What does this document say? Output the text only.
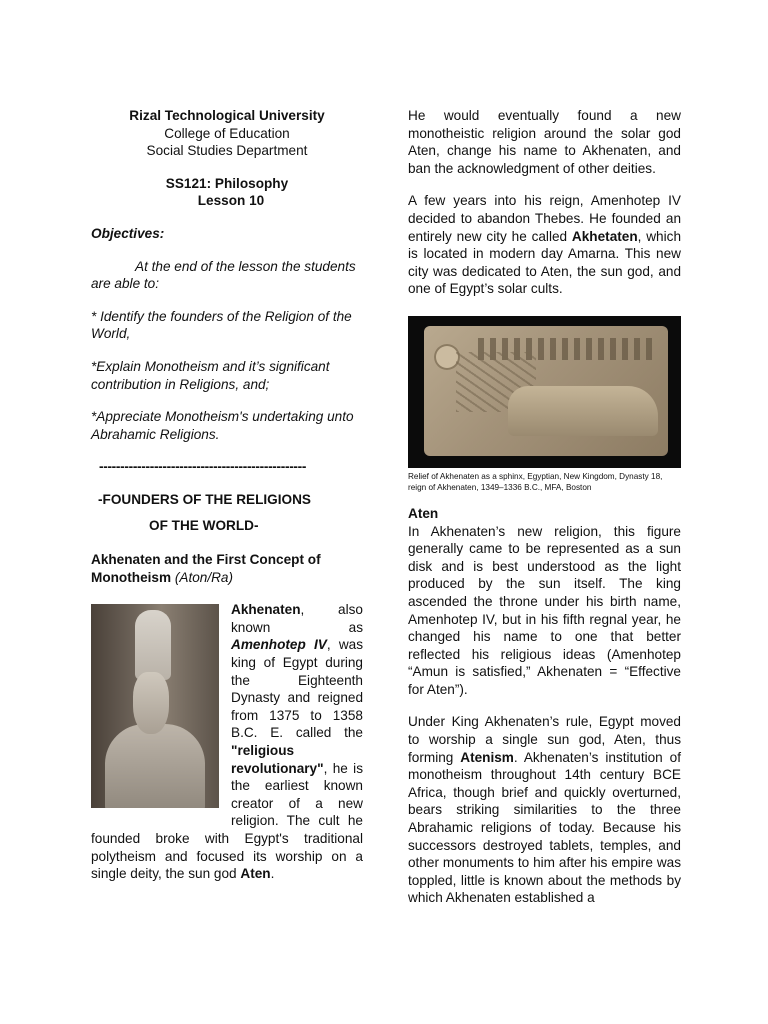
Rizal Technological University

College of Education

Social Studies Department

SS121: Philosophy

Lesson 10

Objectives:

At the end of the lesson the students are able to:

* Identify the founders of the Religion of the World,

*Explain Monotheism and it’s significant contribution in Religions, and;

*Appreciate Monotheism's undertaking unto Abrahamic Religions.

-------------------------------------------------

-FOUNDERS OF THE RELIGIONS

OF THE WORLD-

Akhenaten and the First Concept of Monotheism (Aton/Ra)

Akhenaten, also known as Amenhotep IV, was king of Egypt during the Eighteenth Dynasty and reigned from 1375 to 1358 B.C. E. called the "religious revolutionary", he is the earliest known creator of a new religion. The cult he founded broke with Egypt's traditional polytheism and focused its worship on a single deity, the sun god Aten.

He would eventually found a new monotheistic religion around the solar god Aten, change his name to Akhenaten, and ban the acknowledgment of other deities.

A few years into his reign, Amenhotep IV decided to abandon Thebes. He founded an entirely new city he called Akhetaten, which is located in modern day Amarna. This new city was dedicated to Aten, the sun god, and one of Egypt’s solar cults.

Relief of Akhenaten as a sphinx, Egyptian, New Kingdom, Dynasty 18, reign of Akhenaten, 1349–1336 B.C., MFA, Boston

Aten

In Akhenaten’s new religion, this figure generally came to be represented as a sun disk and is best understood as the light produced by the sun itself. The king ascended the throne under his birth name, Amenhotep IV, but in his fifth regnal year, he changed his name to one that better reflected his religious ideas (Amenhotep “Amun is satisfied,” Akhenaten = “Effective for Aten”).

Under King Akhenaten’s rule, Egypt moved to worship a single sun god, Aten, thus forming Atenism. Akhenaten’s institution of monotheism throughout 14th century BCE Africa, though brief and quickly overturned, bears striking similarities to the three Abrahamic religions of today. Because his successors destroyed tablets, temples, and other monuments to him after his empire was toppled, little is known about the methods by which Akhenaten established a
